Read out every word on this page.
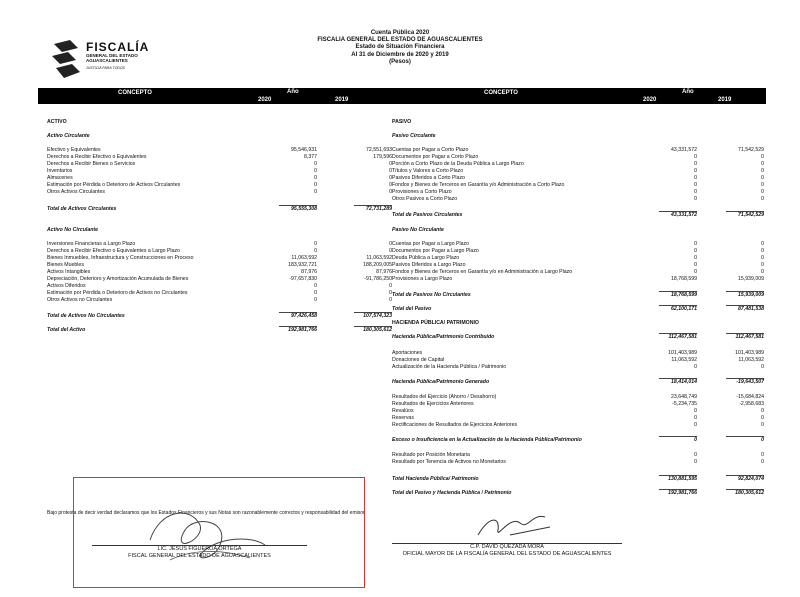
FISCALÍA
GENERAL DEL ESTADO
AGUASCALIENTES
JUSTICIA PARA TODOS
Cuenta Pública 2020
FISCALIA GENERAL DEL ESTADO DE AGUASCALIENTES
Estado de Situación Financiera
Al 31 de Diciembre de 2020 y 2019
(Pesos)
CONCEPTO	Año
2020	2019
CONCEPTO	Año
2020	2019
ACTIVO
Activo Circulante
Efectivo y Equivalentes	95,546,931	72,551,693
Derechos a Recibir Efectivo o Equivalentes	8,377	179,596
Derechos a Recibir Bienes o Servicios	0	0
Inventarios	0	0
Almacenes	0	0
Estimación por Pérdida o Deterioro de Activos Circulantes	0	0
Otros Activos Circulantes	0	0
Total de Activos Circulantes	95,555,308	72,731,289
Activo No Circulante
Inversiones Financieras a Largo Plazo	0	0
Derechos a Recibir Efectivo o Equivalentes a Largo Plazo	0	0
Bienes Inmuebles, Infraestructura y Construcciones en Proceso	11,063,592	11,063,592
Bienes Muebles	183,932,721	188,209,005
Activos Intangibles	87,976	87,976
Depreciación, Deterioro y Amortización Acumulada de Bienes	-97,657,830	-91,786,250
Activos Diferidos	0	0
Estimación por Pérdida o Deterioro de Activos no Circulantes	0	0
Otros Activos no Circulantes	0	0
Total de Activos No Circulantes	97,426,458	107,574,323
Total del Activo	192,981,766	180,305,612
PASIVO
Pasivo Circulante
Cuentas por Pagar a Corto Plazo	43,331,572	71,542,529
Documentos por Pagar a Corto Plazo	0	0
Porción a Corto Plazo de la Deuda Pública a Largo Plazo	0	0
Títulos y Valores a Corto Plazo	0	0
Pasivos Diferidos a Corto Plazo	0	0
Fondos y Bienes de Terceros en Garantía y/o Administración a Corto Plazo	0	0
Provisiones a Corto Plazo	0	0
Otros Pasivos a Corto Plazo	0	0
Total de Pasivos Circulantes	43,331,572	71,542,529
Pasivo No Circulante
Cuentas por Pagar a Largo Plazo	0	0
Documentos por Pagar a Largo Plazo	0	0
Deuda Pública a Largo Plazo	0	0
Pasivos Diferidos a Largo Plazo	0	0
Fondos y Bienes de Terceros en Garantía y/o en Administración a Largo Plazo	0	0
Provisiones a Largo Plazo	18,768,599	15,939,009
Total de Pasivos No Circulantes	18,768,599	15,939,009
Total del Pasivo	62,100,171	87,481,538
HACIENDA PÚBLICA/ PATRIMONIO
Hacienda Pública/Patrimonio Contribuido	112,467,581	112,467,581
Aportaciones	101,403,989	101,403,989
Donaciones de Capital	11,063,592	11,063,592
Actualización de la Hacienda Pública / Patrimonio	0	0
Hacienda Pública/Patrimonio Generado	18,414,014	-19,643,507
Resultados del Ejercicio (Ahorro / Desahorro)	23,648,749	-15,684,824
Resultados de Ejercicios Anteriores	-5,234,735	-2,958,683
Revalúos	0	0
Reservas	0	0
Rectificaciones de Resultados de Ejercicios Anteriores	0	0
Exceso o Insuficiencia en la Actualización de la Hacienda Pública/Patrimonio	0	0
Resultado por Posición Monetaria	0	0
Resultado por Tenencia de Activos no Monetarios	0	0
Total Hacienda Pública/ Patrimonio	130,881,595	92,824,074
Total del Pasivo y Hacienda Pública / Patrimonio	192,981,766	180,305,612
Bajo protesta de decir verdad declaramos que los Estados Financieros y sus Notas son razonablemente correctos y responsabilidad del emisor
LIC. JESUS FIGUEROA ORTEGA
FISCAL GENERAL DEL ESTADO DE AGUASCALIENTES
C.P. DAVID QUEZADA MORA
OFICIAL MAYOR DE LA FISCALÍA GENERAL DEL ESTADO DE AGUASCALIENTES
